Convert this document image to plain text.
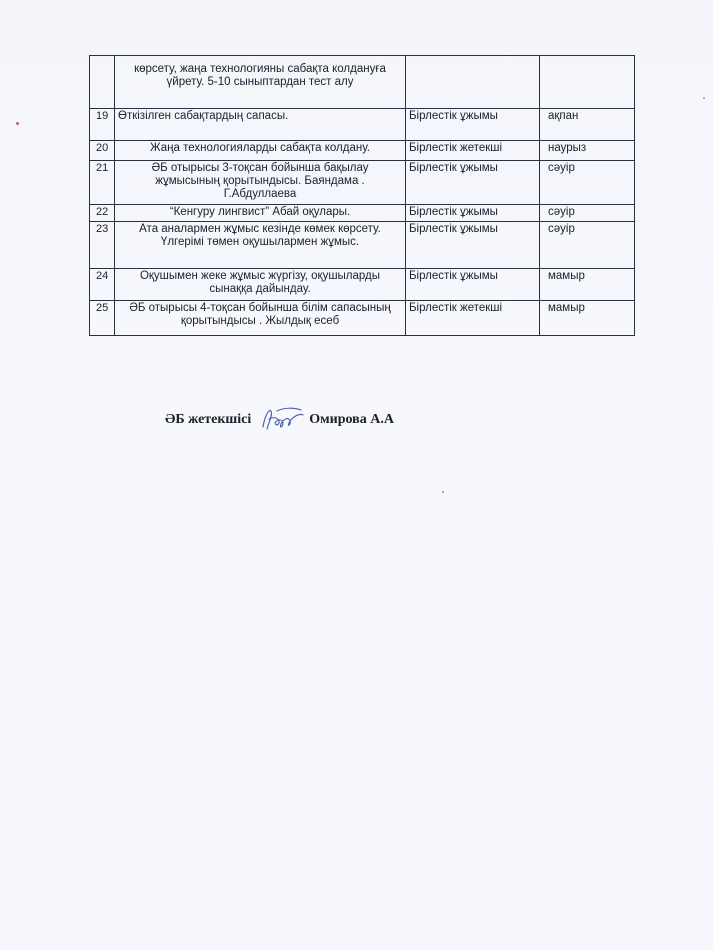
	көрсету, жаңа технологияны сабақта колдануға үйрету. 5-10 сыныптардан тест алу		
19	Өткізілген сабақтардың сапасы.	Бірлестік ұжымы	ақпан
20	Жаңа технологияларды сабақта колдану.	Бірлестік жетекші	наурыз
21	ӘБ отырысы 3-тоқсан бойынша бақылау жұмысының қорытындысы. Баяндама . Г.Абдуллаева	Бірлестік ұжымы	сәуір
22	“Кенгуру лингвист” Абай оқулары.	Бірлестік ұжымы	сәуір
23	Ата аналармен жұмыс кезінде көмек көрсету. Үлгерімі төмен оқушылармен жұмыс.	Бірлестік ұжымы	сәуір
24	Оқушымен жеке жұмыс жүргізу, оқушыларды сынаққа дайындау.	Бірлестік ұжымы	мамыр
25	ӘБ отырысы 4-тоқсан бойынша білім сапасының қорытындысы . Жылдық есеб	Бірлестік жетекші	мамыр
ӘБ жетекшісі	Омирова А.А
